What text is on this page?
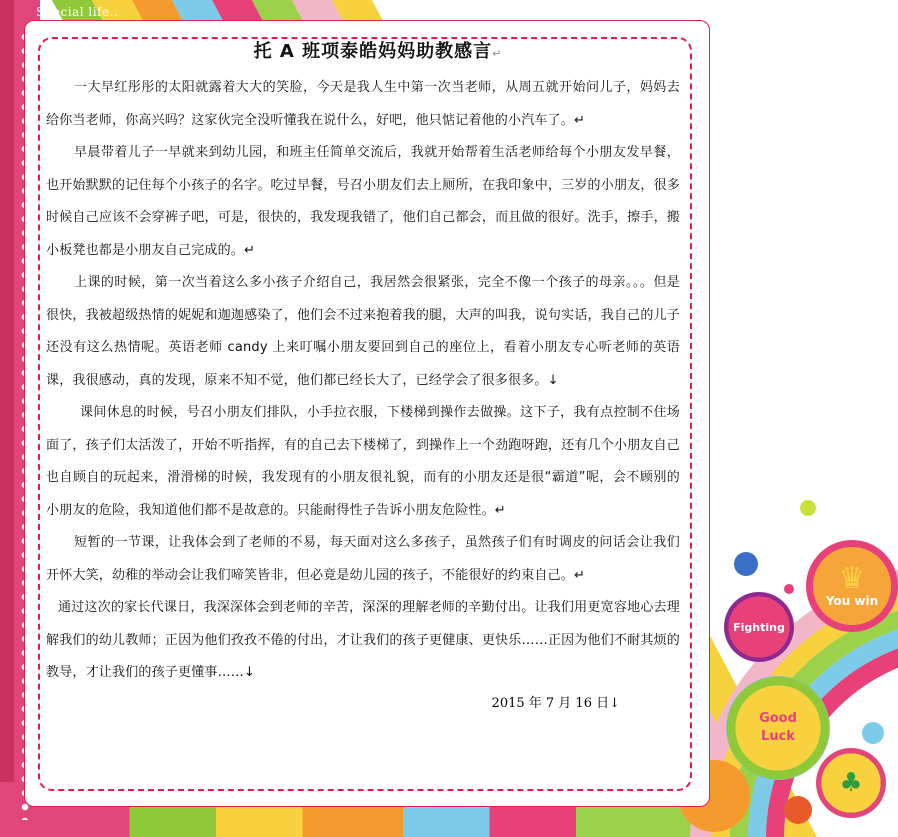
♛
You win
Fighting
Good
Luck
♣
Special life..
托 A 班项泰皓妈妈助教感言↵

一大早红彤彤的太阳就露着大大的笑脸，今天是我人生中第一次当老师，从周五就开始问儿子，妈妈去给你当老师，你高兴吗？这家伙完全没听懂我在说什么，好吧，他只惦记着他的小汽车了。↵

早晨带着儿子一早就来到幼儿园，和班主任简单交流后，我就开始帮着生活老师给每个小朋友发早餐，也开始默默的记住每个小孩子的名字。吃过早餐，号召小朋友们去上厕所，在我印象中，三岁的小朋友，很多时候自己应该不会穿裤子吧，可是，很快的，我发现我错了，他们自己都会，而且做的很好。洗手，擦手，搬小板凳也都是小朋友自己完成的。↵

上课的时候，第一次当着这么多小孩子介绍自己，我居然会很紧张，完全不像一个孩子的母亲。。。但是很快，我被超级热情的妮妮和迦迦感染了，他们会不过来抱着我的腿，大声的叫我，说句实话，我自己的儿子还没有这么热情呢。英语老师 candy 上来叮嘱小朋友要回到自己的座位上，看着小朋友专心听老师的英语课，我很感动，真的发现，原来不知不觉，他们都已经长大了，已经学会了很多很多。↓

课间休息的时候，号召小朋友们排队，小手拉衣服，下楼梯到操作去做操。这下子，我有点控制不住场面了，孩子们太活泼了，开始不听指挥，有的自己去下楼梯了，到操作上一个劲跑呀跑，还有几个小朋友自己也自顾自的玩起来，滑滑梯的时候，我发现有的小朋友很礼貌，而有的小朋友还是很“霸道”呢，会不顾别的小朋友的危险，我知道他们都不是故意的。只能耐得性子告诉小朋友危险性。↵

短暂的一节课，让我体会到了老师的不易，每天面对这么多孩子，虽然孩子们有时调皮的问话会让我们开怀大笑，幼稚的举动会让我们啼笑皆非，但必竟是幼儿园的孩子，不能很好的约束自己。↵

通过这次的家长代课日，我深深体会到老师的辛苦，深深的理解老师的辛勤付出。让我们用更宽容地心去理解我们的幼儿教师；正因为他们孜孜不倦的付出，才让我们的孩子更健康、更快乐……正因为他们不耐其烦的教导，才让我们的孩子更懂事……↓

2015 年 7 月 16 日↓
